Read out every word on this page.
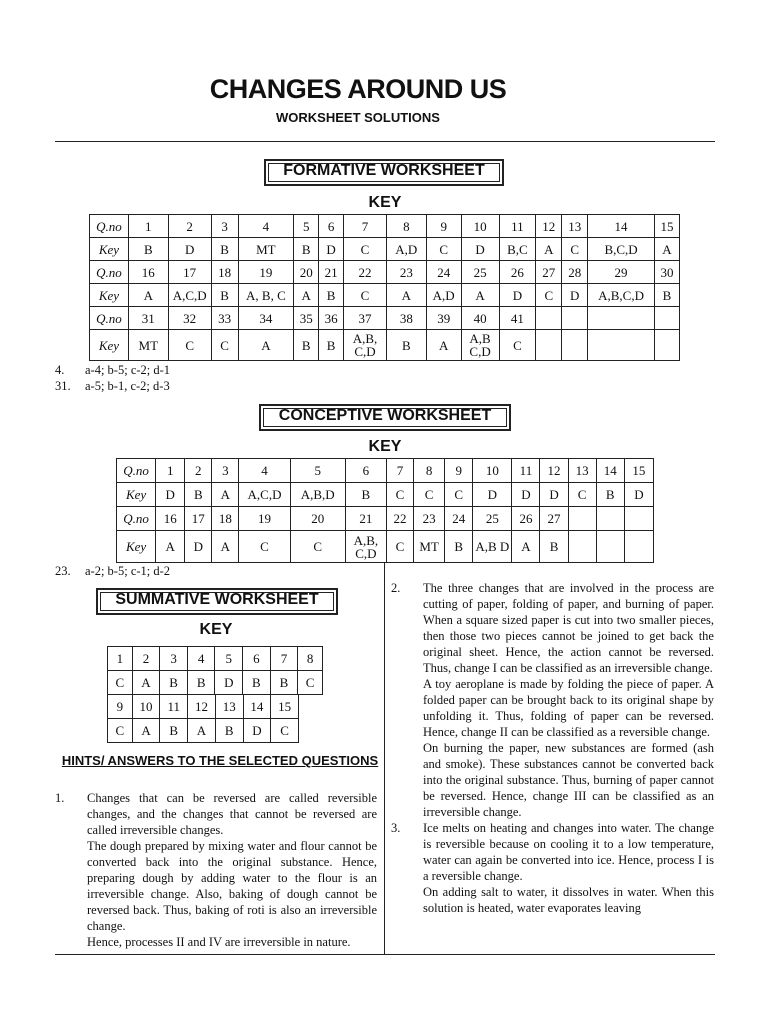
CHANGES AROUND US
WORKSHEET SOLUTIONS
FORMATIVE WORKSHEET
KEY
Q.no	1	2	3	4	5	6	7	8	9	10	11	12	13	14	15
Key	B	D	B	MT	B	D	C	A,D	C	D	B,C	A	C	B,C,D	A
Q.no	16	17	18	19	20	21	22	23	24	25	26	27	28	29	30
Key	A	A,C,D	B	A, B, C	A	B	C	A	A,D	A	D	C	D	A,B,C,D	B
Q.no	31	32	33	34	35	36	37	38	39	40	41				
Key	MT	C	C	A	B	B	A,B, C,D	B	A	A,B C,D	C				
4. a-4; b-5; c-2; d-1
31. a-5; b-1, c-2; d-3
CONCEPTIVE WORKSHEET
KEY
Q.no	1	2	3	4	5	6	7	8	9	10	11	12	13	14	15
Key	D	B	A	A,C,D	A,B,D	B	C	C	C	D	D	D	C	B	D
Q.no	16	17	18	19	20	21	22	23	24	25	26	27			
Key	A	D	A	C	C	A,B, C,D	C	MT	B	A,B D	A	B			
23. a-2; b-5; c-1; d-2
SUMMATIVE WORKSHEET
KEY
1	2	3	4	5	6	7	8
C	A	B	B	D	B	B	C
9	10	11	12	13	14	15
C	A	B	A	B	D	C
HINTS/ ANSWERS TO THE SELECTED QUESTIONS
1. Changes that can be reversed are called reversible changes, and the changes that cannot be reversed are called irreversible changes.

The dough prepared by mixing water and flour cannot be converted back into the original substance. Hence, preparing dough by adding water to the flour is an irreversible change. Also, baking of dough cannot be reversed back. Thus, baking of roti is also an irreversible change.

Hence, processes II and IV are irreversible in nature.

2. The three changes that are involved in the process are cutting of paper, folding of paper, and burning of paper. When a square sized paper is cut into two smaller pieces, then those two pieces cannot be joined to get back the original sheet. Hence, the action cannot be reversed. Thus, change I can be classified as an irreversible change.

A toy aeroplane is made by folding the piece of paper. A folded paper can be brought back to its original shape by unfolding it. Thus, folding of paper can be reversed. Hence, change II can be classified as a reversible change.

On burning the paper, new substances are formed (ash and smoke). These substances cannot be converted back into the original substance. Thus, burning of paper cannot be reversed. Hence, change III can be classified as an irreversible change.

3. Ice melts on heating and changes into water. The change is reversible because on cooling it to a low temperature, water can again be converted into ice. Hence, process I is a reversible change.

On adding salt to water, it dissolves in water. When this solution is heated, water evaporates leaving
